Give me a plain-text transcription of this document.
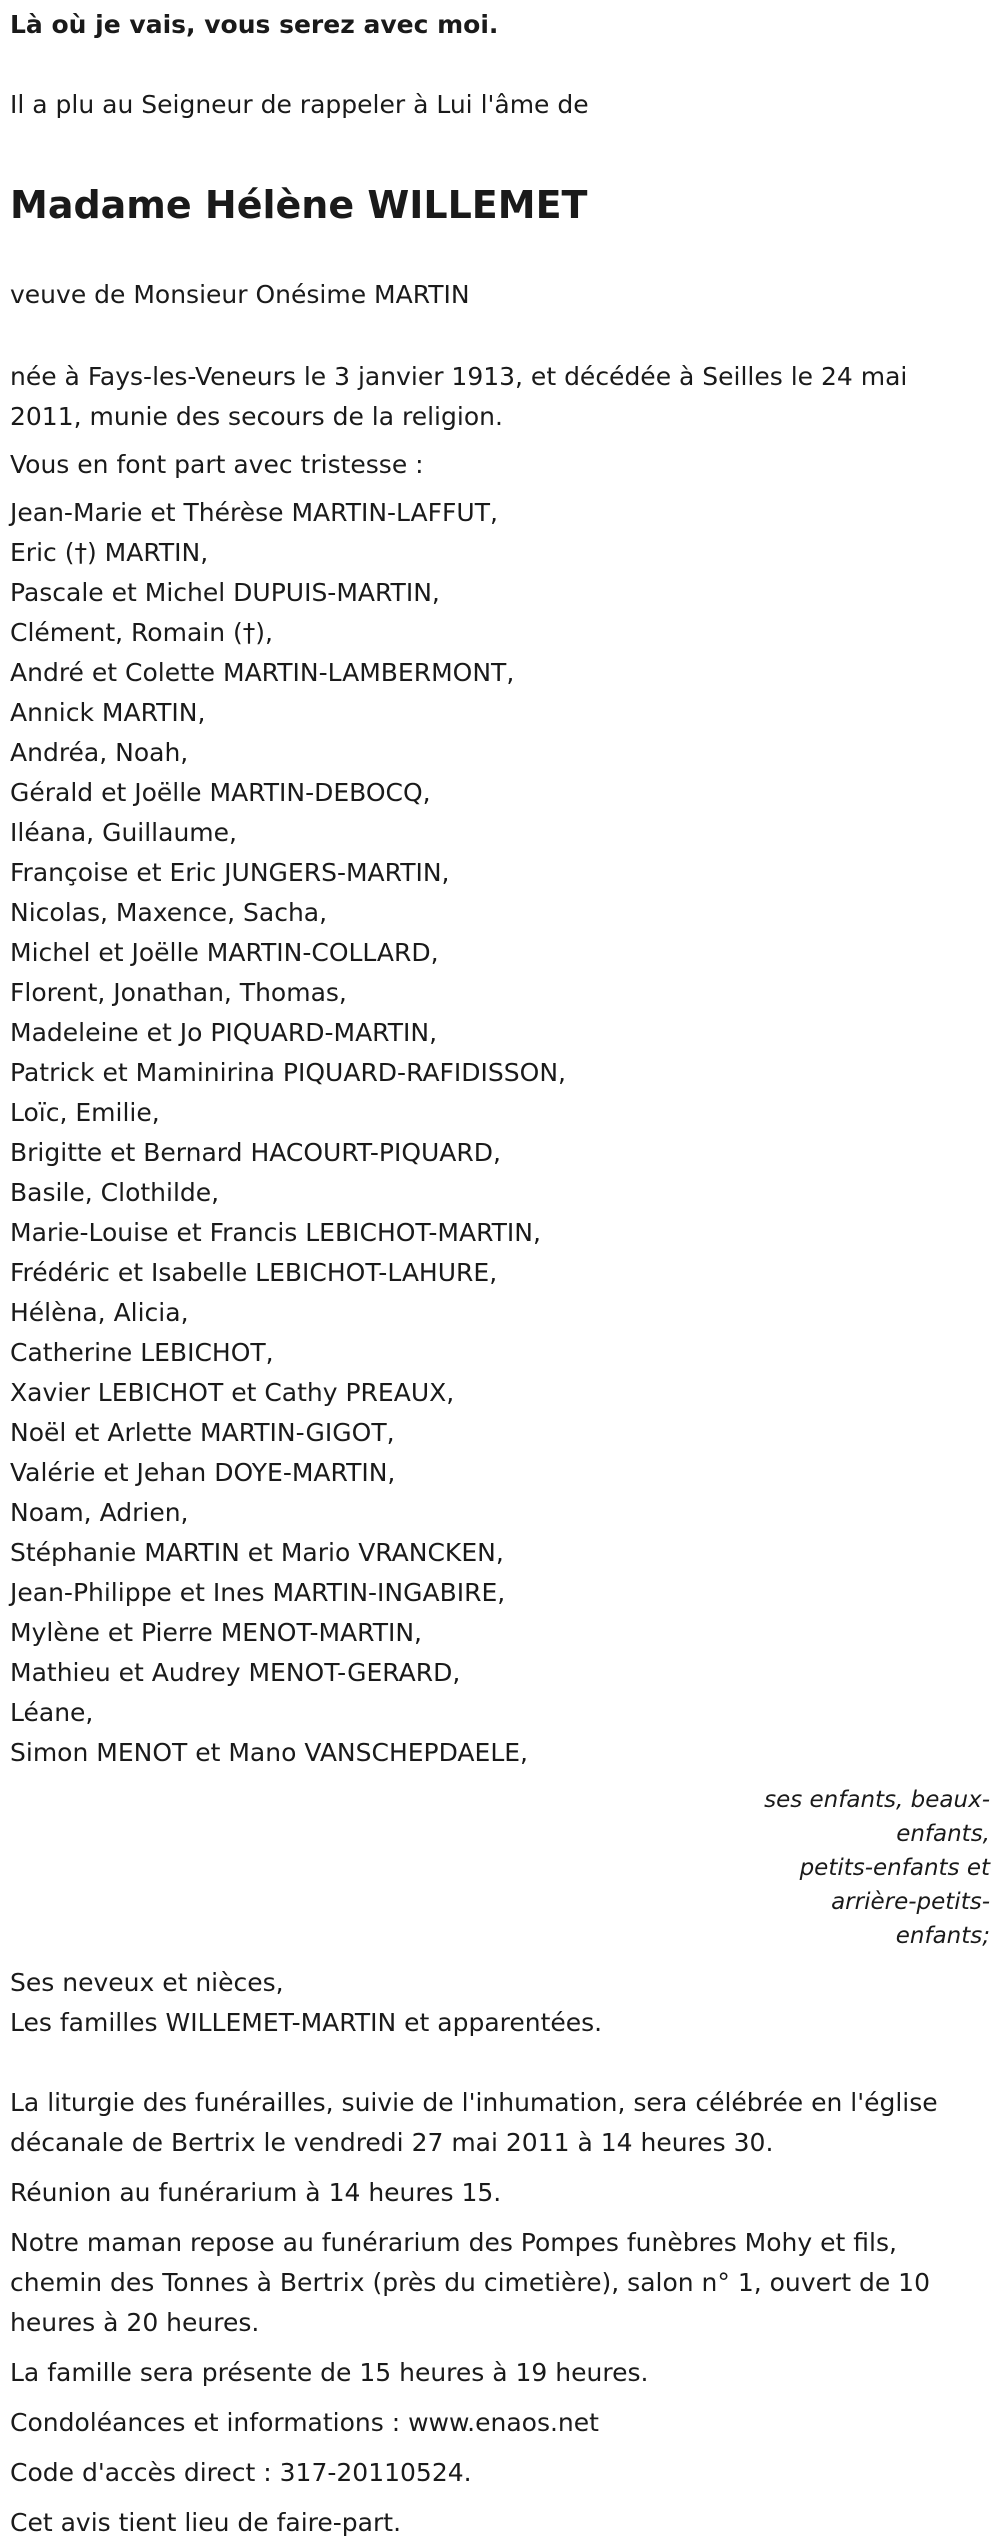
Là où je vais, vous serez avec moi.

Il a plu au Seigneur de rappeler à Lui l'âme de

Madame Hélène WILLEMET

veuve de Monsieur Onésime MARTIN

née à Fays-les-Veneurs le 3 janvier 1913, et décédée à Seilles le 24 mai

2011, munie des secours de la religion.

Vous en font part avec tristesse :

Jean-Marie et Thérèse MARTIN-LAFFUT,

Eric (†) MARTIN,

Pascale et Michel DUPUIS-MARTIN,

Clément, Romain (†),

André et Colette MARTIN-LAMBERMONT,

Annick MARTIN,

Andréa, Noah,

Gérald et Joëlle MARTIN-DEBOCQ,

Iléana, Guillaume,

Françoise et Eric JUNGERS-MARTIN,

Nicolas, Maxence, Sacha,

Michel et Joëlle MARTIN-COLLARD,

Florent, Jonathan, Thomas,

Madeleine et Jo PIQUARD-MARTIN,

Patrick et Maminirina PIQUARD-RAFIDISSON,

Loïc, Emilie,

Brigitte et Bernard HACOURT-PIQUARD,

Basile, Clothilde,

Marie-Louise et Francis LEBICHOT-MARTIN,

Frédéric et Isabelle LEBICHOT-LAHURE,

Hélèna, Alicia,

Catherine LEBICHOT,

Xavier LEBICHOT et Cathy PREAUX,

Noël et Arlette MARTIN-GIGOT,

Valérie et Jehan DOYE-MARTIN,

Noam, Adrien,

Stéphanie MARTIN et Mario VRANCKEN,

Jean-Philippe et Ines MARTIN-INGABIRE,

Mylène et Pierre MENOT-MARTIN,

Mathieu et Audrey MENOT-GERARD,

Léane,

Simon MENOT et Mano VANSCHEPDAELE,

ses enfants, beaux-enfants,
petits-enfants et arrière-petits-enfants;

Ses neveux et nièces,

Les familles WILLEMET-MARTIN et apparentées.

La liturgie des funérailles, suivie de l'inhumation, sera célébrée en l'église

décanale de Bertrix le vendredi 27 mai 2011 à 14 heures 30.

Réunion au funérarium à 14 heures 15.

Notre maman repose au funérarium des Pompes funèbres Mohy et fils,

chemin des Tonnes à Bertrix (près du cimetière), salon n° 1, ouvert de 10

heures à 20 heures.

La famille sera présente de 15 heures à 19 heures.

Condoléances et informations : www.enaos.net

Code d'accès direct : 317-20110524.

Cet avis tient lieu de faire-part.
